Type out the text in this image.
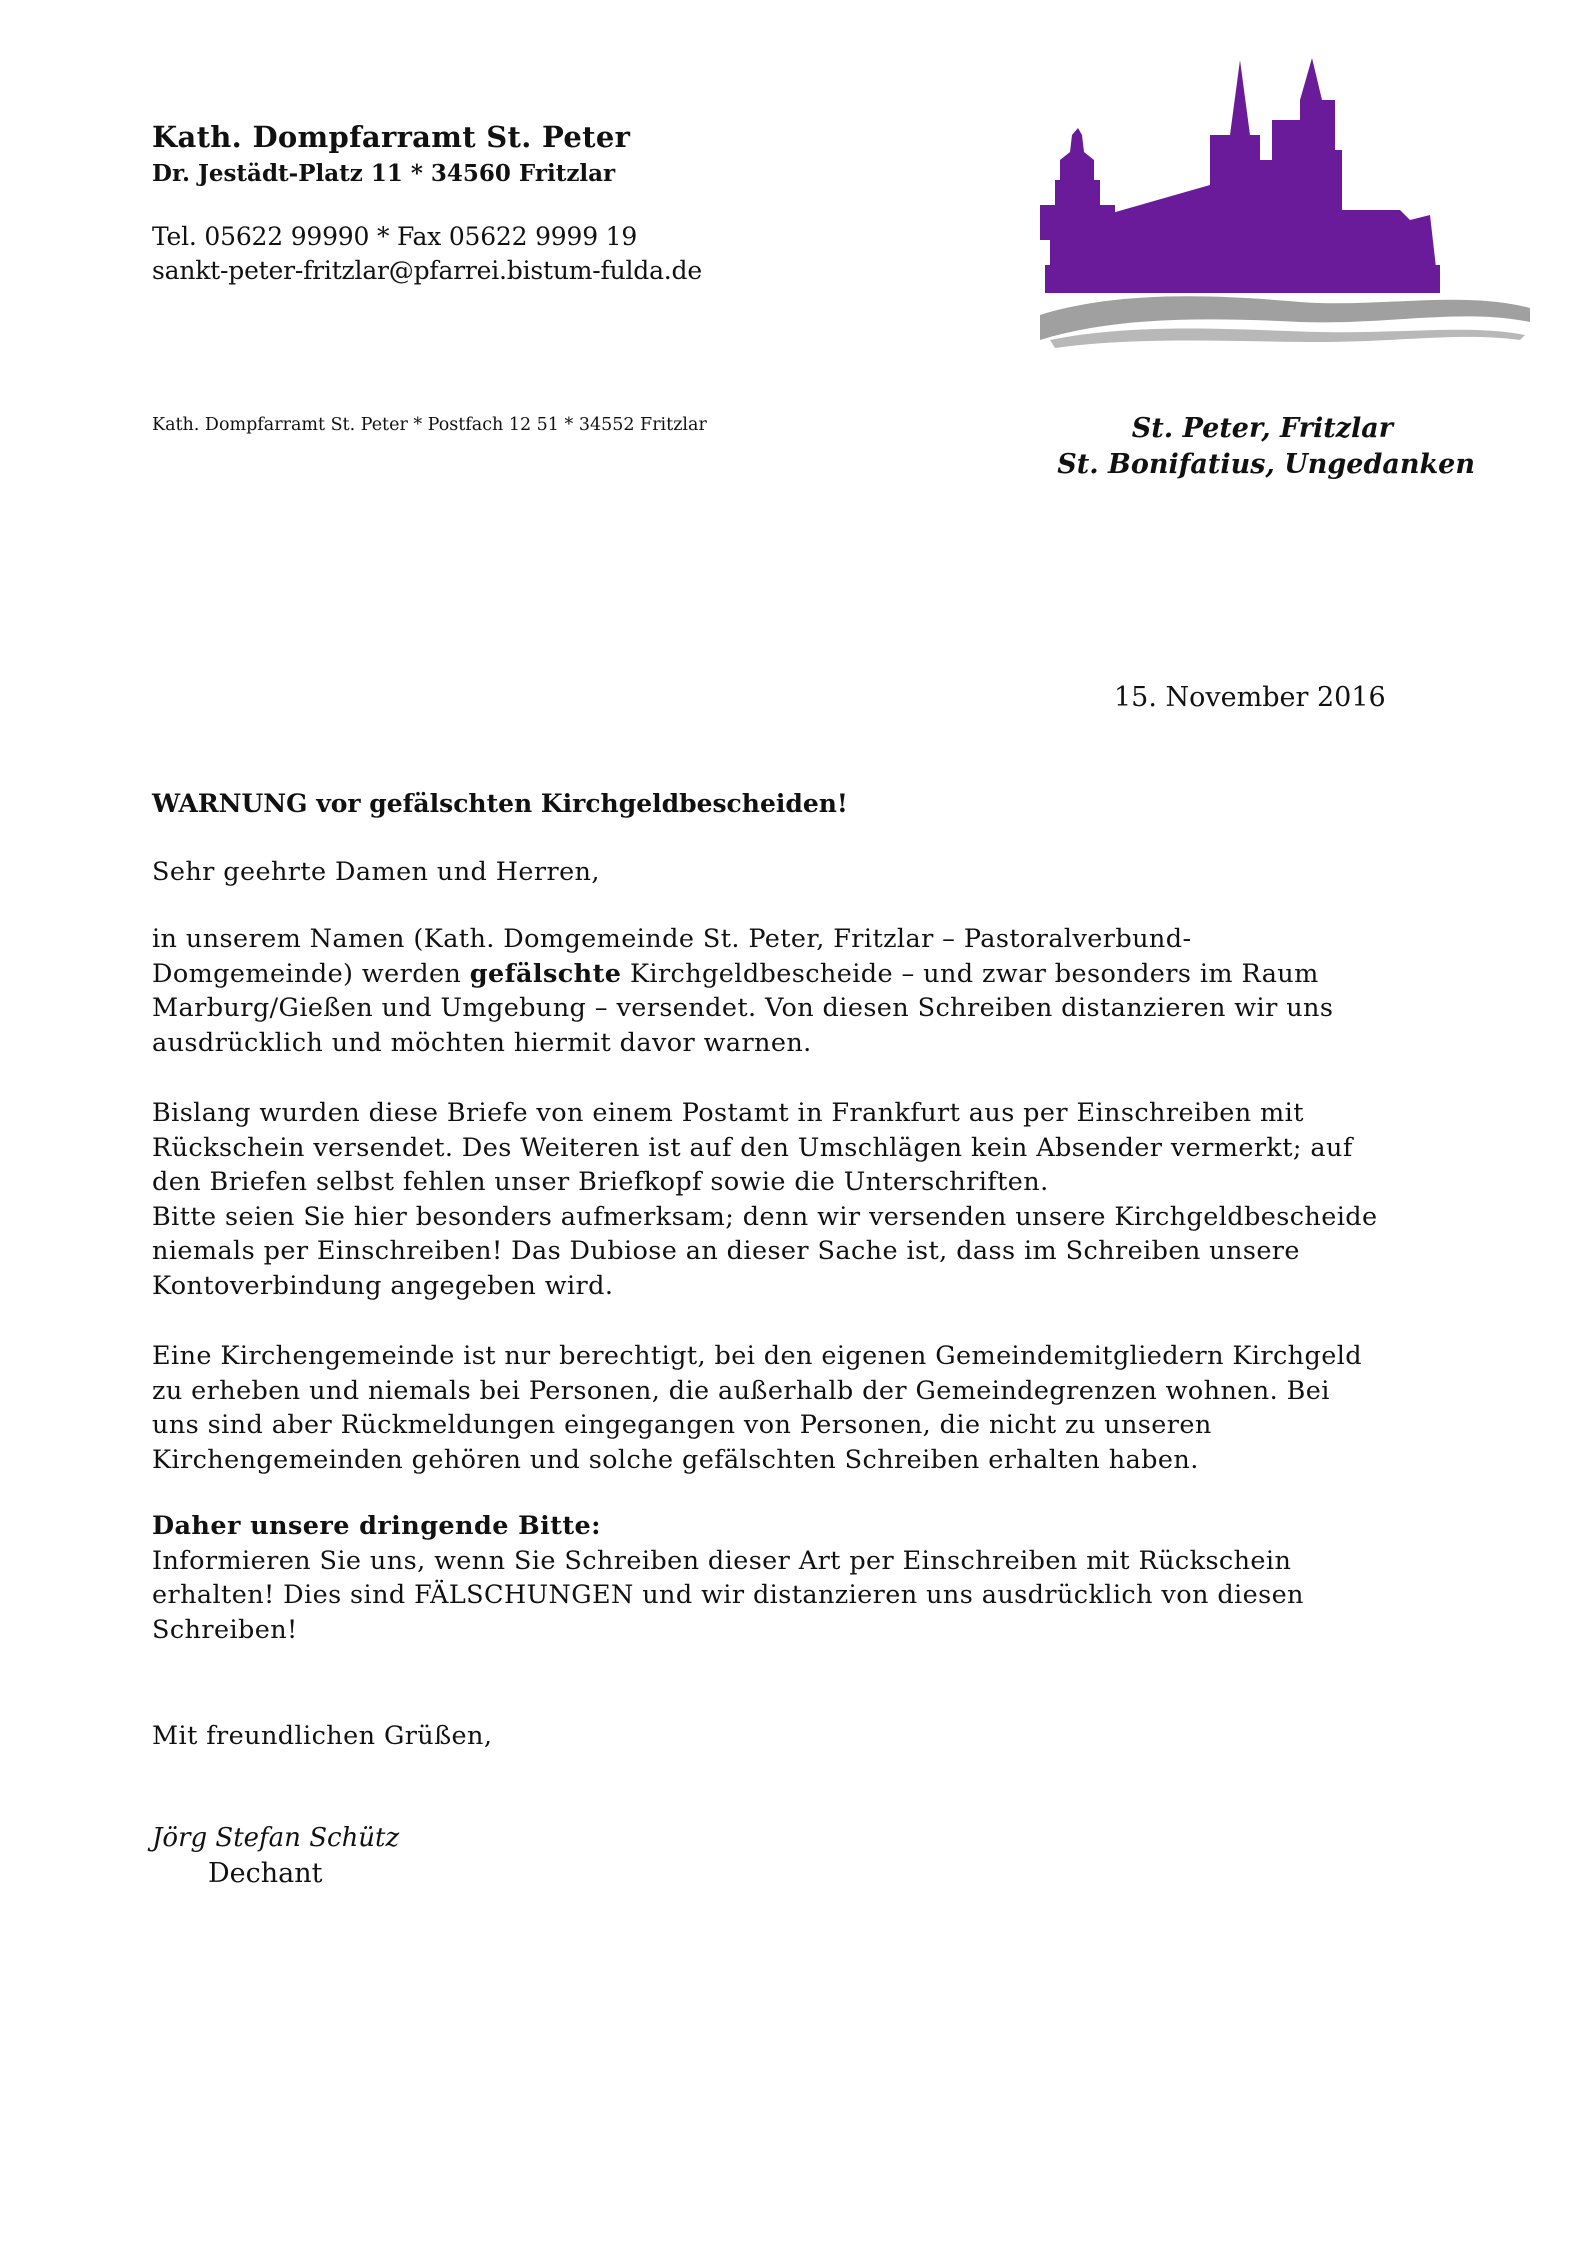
Kath. Dompfarramt St. Peter
Dr. Jestädt-Platz 11 * 34560 Fritzlar
Tel. 05622 99990 * Fax 05622 9999 19
sankt-peter-fritzlar@pfarrei.bistum-fulda.de
Kath. Dompfarramt St. Peter * Postfach 12 51 * 34552 Fritzlar	St. Peter, Fritzlar
St. Bonifatius, Ungedanken
15. November 2016
WARNUNG vor gefälschten Kirchgeldbescheiden!
Sehr geehrte Damen und Herren,
in unserem Namen (Kath. Domgemeinde St. Peter, Fritzlar – Pastoralverbund-
Domgemeinde) werden gefälschte Kirchgeldbescheide – und zwar besonders im Raum
Marburg/Gießen und Umgebung – versendet. Von diesen Schreiben distanzieren wir uns
ausdrücklich und möchten hiermit davor warnen.
Bislang wurden diese Briefe von einem Postamt in Frankfurt aus per Einschreiben mit
Rückschein versendet. Des Weiteren ist auf den Umschlägen kein Absender vermerkt; auf
den Briefen selbst fehlen unser Briefkopf sowie die Unterschriften.
Bitte seien Sie hier besonders aufmerksam; denn wir versenden unsere Kirchgeldbescheide
niemals per Einschreiben! Das Dubiose an dieser Sache ist, dass im Schreiben unsere
Kontoverbindung angegeben wird.
Eine Kirchengemeinde ist nur berechtigt, bei den eigenen Gemeindemitgliedern Kirchgeld
zu erheben und niemals bei Personen, die außerhalb der Gemeindegrenzen wohnen. Bei
uns sind aber Rückmeldungen eingegangen von Personen, die nicht zu unseren
Kirchengemeinden gehören und solche gefälschten Schreiben erhalten haben.
Daher unsere dringende Bitte:
Informieren Sie uns, wenn Sie Schreiben dieser Art per Einschreiben mit Rückschein
erhalten! Dies sind FÄLSCHUNGEN und wir distanzieren uns ausdrücklich von diesen
Schreiben!
Mit freundlichen Grüßen,
Jörg Stefan Schütz
Dechant
